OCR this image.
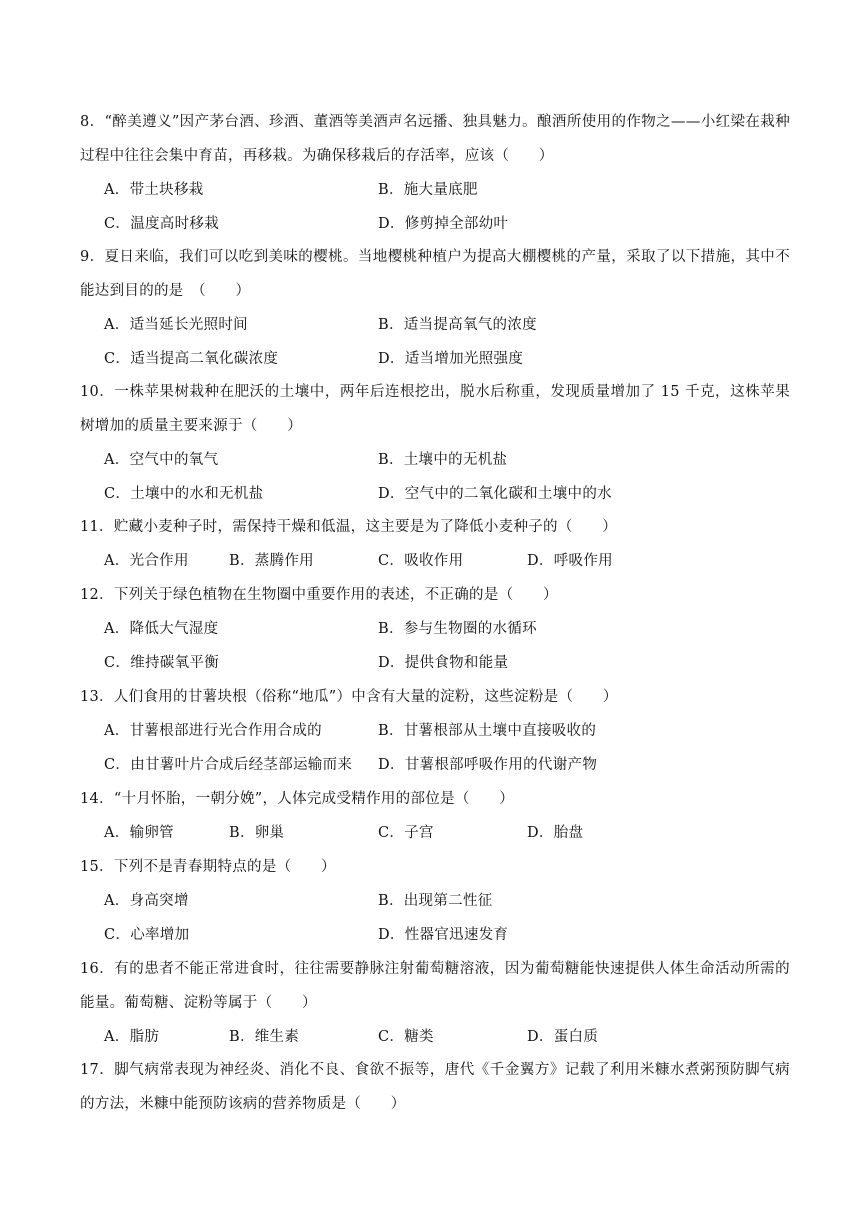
8．“醉美遵义”因产茅台酒、珍酒、董酒等美酒声名远播、独具魅力。酿酒所使用的作物之——小红梁在栽种过程中往往会集中育苗，再移栽。为确保移栽后的存活率，应该（　　）
A．带土块移栽	B．施大量底肥
C．温度高时移栽	D．修剪掉全部幼叶
9．夏日来临，我们可以吃到美味的樱桃。当地樱桃种植户为提高大棚樱桃的产量，采取了以下措施，其中不能达到目的的是　（　　）
A．适当延长光照时间	B．适当提高氧气的浓度
C．适当提高二氧化碳浓度	D．适当增加光照强度
10．一株苹果树栽种在肥沃的土壤中，两年后连根挖出，脱水后称重，发现质量增加了 15 千克，这株苹果树增加的质量主要来源于（　　）
A．空气中的氧气	B．土壤中的无机盐
C．土壤中的水和无机盐	D．空气中的二氧化碳和土壤中的水
11．贮藏小麦种子时，需保持干燥和低温，这主要是为了降低小麦种子的（　　）
A．光合作用	B．蒸腾作用	C．吸收作用	D．呼吸作用
12．下列关于绿色植物在生物圈中重要作用的表述，不正确的是（　　）
A．降低大气湿度	B．参与生物圈的水循环
C．维持碳氧平衡	D．提供食物和能量
13．人们食用的甘薯块根（俗称“地瓜”）中含有大量的淀粉，这些淀粉是（　　）
A．甘薯根部进行光合作用合成的	B．甘薯根部从土壤中直接吸收的
C．由甘薯叶片合成后经茎部运输而来 D．甘薯根部呼吸作用的代谢产物
14．“十月怀胎，一朝分娩”，人体完成受精作用的部位是（　　）
A．输卵管	B．卵巢	C．子宫	D．胎盘
15．下列不是青春期特点的是（　　）
A．身高突增	B．出现第二性征
C．心率增加	D．性器官迅速发育
16．有的患者不能正常进食时，往往需要静脉注射葡萄糖溶液，因为葡萄糖能快速提供人体生命活动所需的能量。葡萄糖、淀粉等属于（　　）
A．脂肪	B．维生素	C．糖类	D．蛋白质
17．脚气病常表现为神经炎、消化不良、食欲不振等，唐代《千金翼方》记载了利用米糠水煮粥预防脚气病的方法，米糠中能预防该病的营养物质是（　　）
